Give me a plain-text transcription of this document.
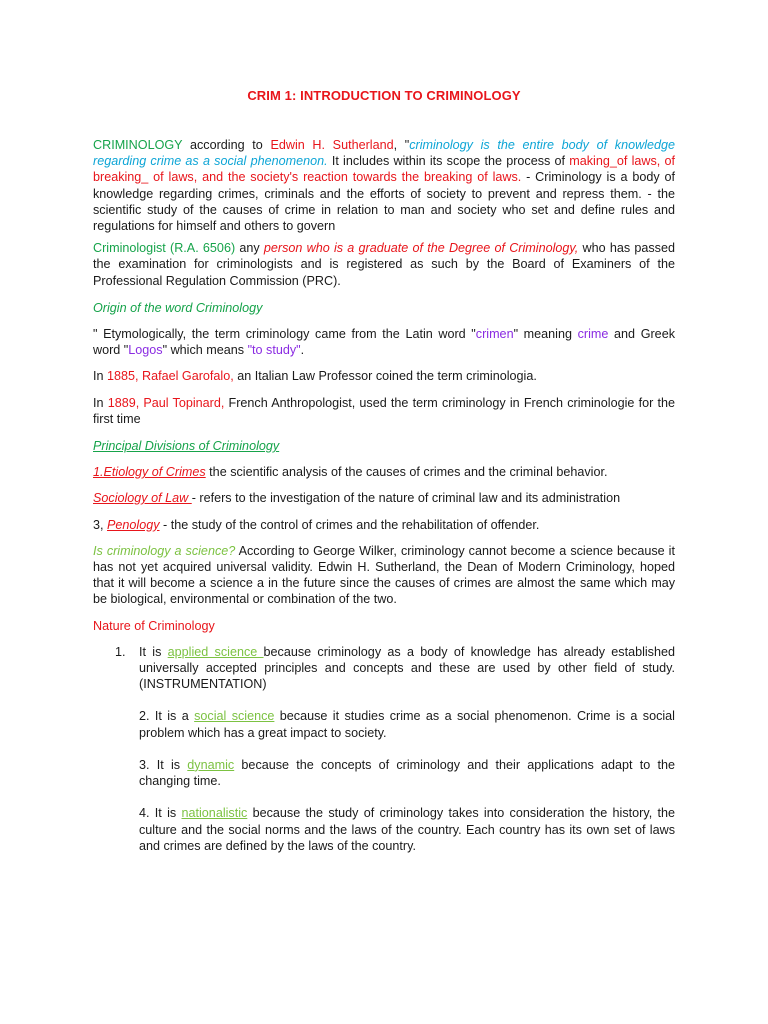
CRIM 1: INTRODUCTION TO CRIMINOLOGY

CRIMINOLOGY according to Edwin H. Sutherland, "criminology is the entire body of knowledge regarding crime as a social phenomenon. It includes within its scope the process of making_of laws, of breaking_ of laws, and the society's reaction towards the breaking of laws. - Criminology is a body of knowledge regarding crimes, criminals and the efforts of society to prevent and repress them. - the scientific study of the causes of crime in relation to man and society who set and define rules and regulations for himself and others to govern

Criminologist (R.A. 6506) any person who is a graduate of the Degree of Criminology, who has passed the examination for criminologists and is registered as such by the Board of Examiners of the Professional Regulation Commission (PRC).

Origin of the word Criminology

" Etymologically, the term criminology came from the Latin word "crimen" meaning crime and Greek word "Logos" which means "to study".

In 1885, Rafael Garofalo, an Italian Law Professor coined the term criminologia.

In 1889, Paul Topinard, French Anthropologist, used the term criminology in French criminologie for the first time

Principal Divisions of Criminology

1.Etiology of Crimes the scientific analysis of the causes of crimes and the criminal behavior.

Sociology of Law - refers to the investigation of the nature of criminal law and its administration

3, Penology - the study of the control of crimes and the rehabilitation of offender.

Is criminology a science? According to George Wilker, criminology cannot become a science because it has not yet acquired universal validity. Edwin H. Sutherland, the Dean of Modern Criminology, hoped that it will become a science a in the future since the causes of crimes are almost the same which may be biological, environmental or combination of the two.

Nature of Criminology

1. It is applied science because criminology as a body of knowledge has already established universally accepted principles and concepts and these are used by other field of study. (INSTRUMENTATION)
2. It is a social science because it studies crime as a social phenomenon. Crime is a social problem which has a great impact to society.
3. It is dynamic because the concepts of criminology and their applications adapt to the changing time.
4. It is nationalistic because the study of criminology takes into consideration the history, the culture and the social norms and the laws of the country. Each country has its own set of laws and crimes are defined by the laws of the country.
